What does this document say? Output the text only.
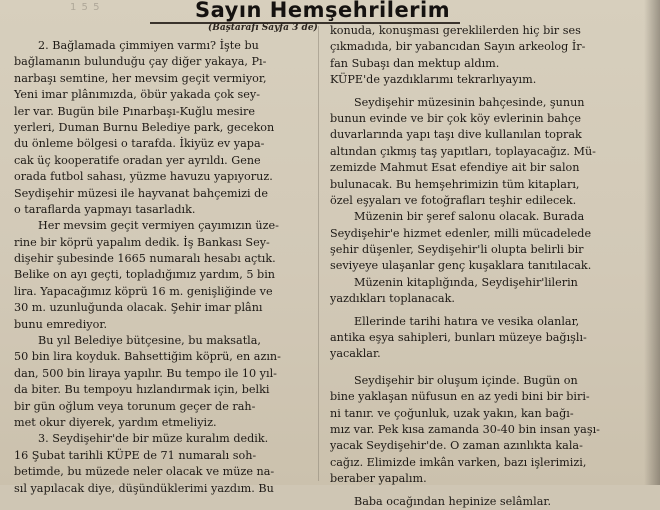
1 5 5	Sayın Hemşehrilerim
(Baştarafı Sayfa 3 de)
2. Bağlamada çimmiyen varmı? İşte bu
bağlamanın bulunduğu çay diğer yakaya, Pı-
narbaşı semtine, her mevsim geçit vermiyor,
Yeni imar plânımızda, öbür yakada çok sey-
ler var. Bugün bile Pınarbaşı-Kuğlu mesire
yerleri, Duman Burnu Belediye park, gecekon
du önleme bölgesi o tarafda. İkiyüz ev yapa-
cak üç kooperatife oradan yer ayrıldı. Gene
orada futbol sahası, yüzme havuzu yapıyoruz.
Seydişehir müzesi ile hayvanat bahçemizi de
o taraflarda yapmayı tasarladık.
Her mevsim geçit vermiyen çayımızın üze-
rine bir köprü yapalım dedik. İş Bankası Sey-
dişehir şubesinde 1665 numaralı hesabı açtık.
Belike on ayı geçti, topladığımız yardım, 5 bin
lira. Yapacağımız köprü 16 m. genişliğinde ve
30 m. uzunluğunda olacak. Şehir imar plânı
bunu emrediyor.
Bu yıl Belediye bütçesine, bu maksatla,
50 bin lira koyduk. Bahsettiğim köprü, en azın-
dan, 500 bin liraya yapılır. Bu tempo ile 10 yıl-
da biter. Bu tempoyu hızlandırmak için, belki
bir gün oğlum veya torunum geçer de rah-
met okur diyerek, yardım etmeliyiz.
3. Seydişehir'de bir müze kuralım dedik.
16 Şubat tarihli KÜPE de 71 numaralı soh-
betimde, bu müzede neler olacak ve müze na-
sıl yapılacak diye, düşündüklerimi yazdım. Bu
konuda, konuşması gereklilerden hiç bir ses
çıkmadıda, bir yabancıdan Sayın arkeolog İr-
fan Subaşı dan mektup aldım.
KÜPE'de yazdıklarımı tekrarlıyayım.
Seydişehir müzesinin bahçesinde, şunun
bunun evinde ve bir çok köy evlerinin bahçe
duvarlarında yapı taşı dive kullanılan toprak
altından çıkmış taş yapıtları, toplayacağız. Mü-
zemizde Mahmut Esat efendiye ait bir salon
bulunacak. Bu hemşehrimizin tüm kitapları,
özel eşyaları ve fotoğrafları teşhir edilecek.
Müzenin bir şeref salonu olacak. Burada
Seydişehir'e hizmet edenler, milli mücadelede
şehir düşenler, Seydişehir'li olupta belirli bir
seviyeye ulaşanlar genç kuşaklara tanıtılacak.
Müzenin kitaplığında, Seydişehir'lilerin
yazdıkları toplanacak.
Ellerinde tarihi hatıra ve vesika olanlar,
antika eşya sahipleri, bunları müzeye bağışlı-
yacaklar.
Seydişehir bir oluşum içinde. Bugün on
bine yaklaşan nüfusun en az yedi bini bir biri-
ni tanır. ve çoğunluk, uzak yakın, kan bağı-
mız var. Pek kısa zamanda 30-40 bin insan yaşı-
yacak Seydişehir'de. O zaman azınlıkta kala-
cağız. Elimizde imkân varken, bazı işlerimizi,
beraber yapalım.
Baba ocağından hepinize selâmlar.
